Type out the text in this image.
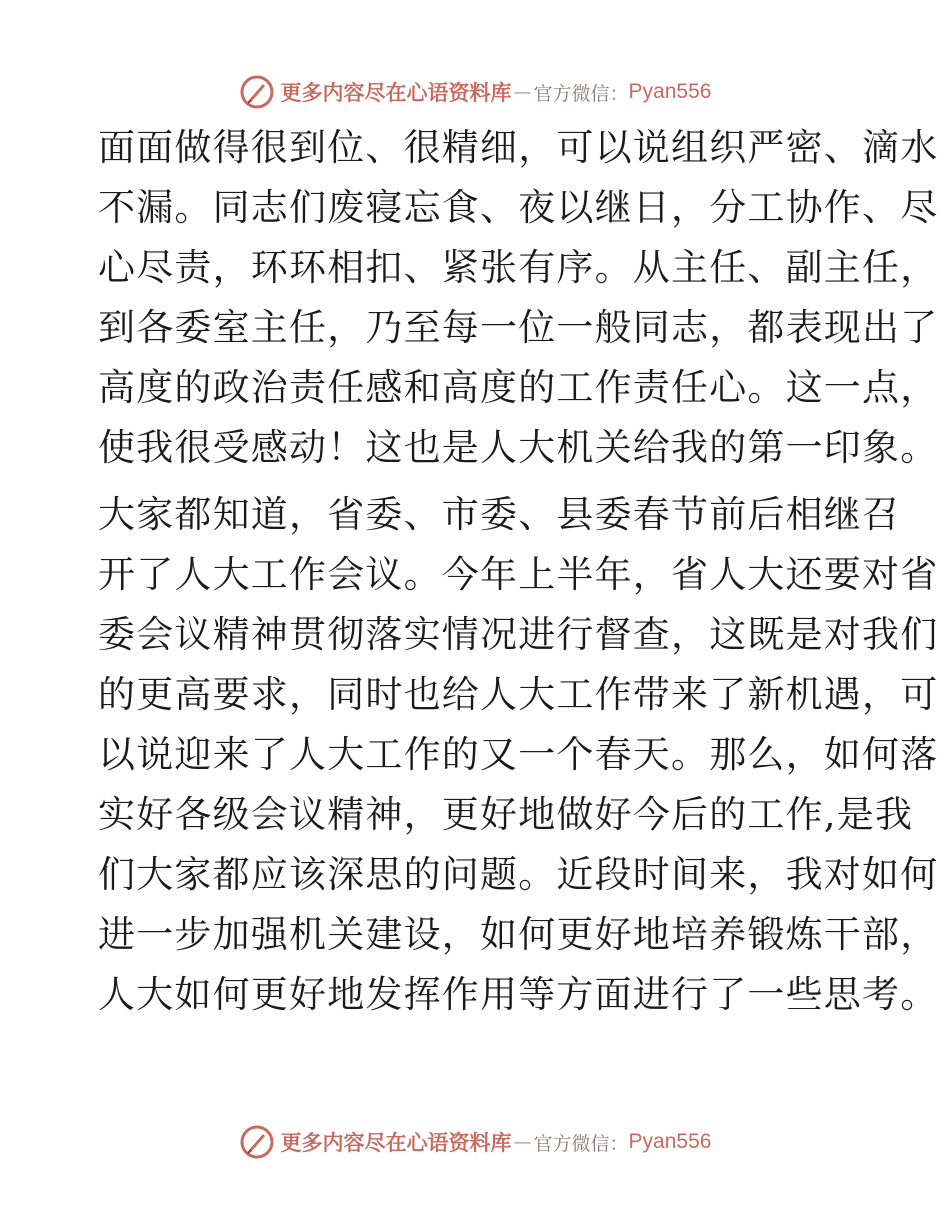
更多内容尽在心语资料库 — 官方微信： Pyan556
面面做得很到位、很精细，可以说组织严密、滴水
不漏。同志们废寝忘食、夜以继日，分工协作、尽
心尽责，环环相扣、紧张有序。从主任、副主任，
到各委室主任，乃至每一位一般同志，都表现出了
高度的政治责任感和高度的工作责任心。这一点，
使我很受感动！这也是人大机关给我的第一印象。
大家都知道，省委、市委、县委春节前后相继召
开了人大工作会议。今年上半年，省人大还要对省
委会议精神贯彻落实情况进行督查，这既是对我们
的更高要求，同时也给人大工作带来了新机遇，可
以说迎来了人大工作的又一个春天。那么，如何落
实好各级会议精神，更好地做好今后的工作,是我
们大家都应该深思的问题。近段时间来，我对如何
进一步加强机关建设，如何更好地培养锻炼干部，
人大如何更好地发挥作用等方面进行了一些思考。
更多内容尽在心语资料库 — 官方微信： Pyan556
